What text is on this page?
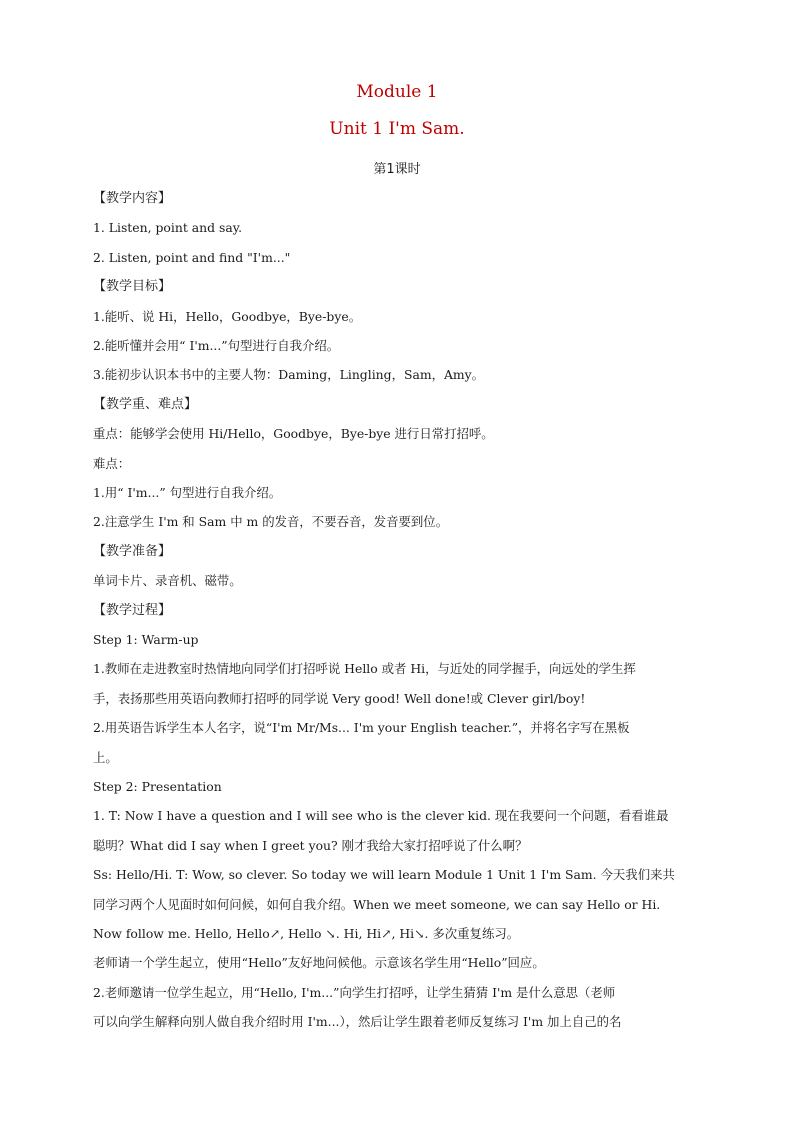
Module 1
Unit 1 I'm Sam.
第1课时
【教学内容】
1. Listen, point and say.
2. Listen, point and find "I'm..."
【教学目标】
1.能听、说 Hi，Hello，Goodbye，Bye-bye。
2.能听懂并会用“ I'm...”句型进行自我介绍。
3.能初步认识本书中的主要人物：Daming，Lingling，Sam，Amy。
【教学重、难点】
重点：能够学会使用 Hi/Hello，Goodbye，Bye-bye 进行日常打招呼。
难点：
1.用“ I'm...” 句型进行自我介绍。
2.注意学生 I'm 和 Sam 中 m 的发音，不要吞音，发音要到位。
【教学准备】
单词卡片、录音机、磁带。
【教学过程】
Step 1: Warm-up
1.教师在走进教室时热情地向同学们打招呼说 Hello 或者 Hi，与近处的同学握手，向远处的学生挥
手，表扬那些用英语向教师打招呼的同学说 Very good! Well done!或 Clever girl/boy!
2.用英语告诉学生本人名字，说“I'm Mr/Ms... I'm your English teacher.”，并将名字写在黑板
上。
Step 2: Presentation
1. T: Now I have a question and I will see who is the clever kid. 现在我要问一个问题，看看谁最
聪明？What did I say when I greet you? 刚才我给大家打招呼说了什么啊？
Ss: Hello/Hi. T: Wow, so clever. So today we will learn Module 1 Unit 1 I'm Sam. 今天我们来共
同学习两个人见面时如何问候，如何自我介绍。When we meet someone, we can say Hello or Hi.
Now follow me. Hello, Hello↗, Hello ↘. Hi, Hi↗, Hi↘. 多次重复练习。
老师请一个学生起立，使用“Hello”友好地问候他。示意该名学生用“Hello”回应。
2.老师邀请一位学生起立，用“Hello, I'm...”向学生打招呼，让学生猜猜 I'm 是什么意思（老师
可以向学生解释向别人做自我介绍时用 I'm...），然后让学生跟着老师反复练习 I'm 加上自己的名
